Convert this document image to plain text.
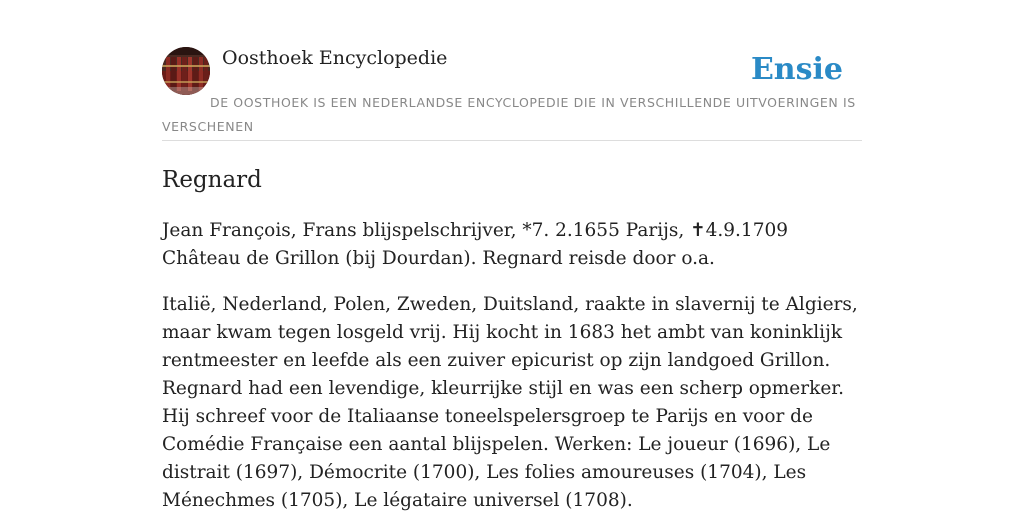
Oosthoek Encyclopedie	Ensie
DE OOSTHOEK IS EEN NEDERLANDSE ENCYCLOPEDIE DIE IN VERSCHILLENDE UITVOERINGEN IS VERSCHENEN
Regnard

Jean François, Frans blijspelschrijver, *7. 2.1655 Parijs, ✝4.9.1709 Château de Grillon (bij Dourdan). Regnard reisde door o.a.

Italië, Nederland, Polen, Zweden, Duitsland, raakte in slavernij te Algiers, maar kwam tegen losgeld vrij. Hij kocht in 1683 het ambt van koninklijk rentmeester en leefde als een zuiver epicurist op zijn landgoed Grillon. Regnard had een levendige, kleurrijke stijl en was een scherp opmerker. Hij schreef voor de Italiaanse toneelspelersgroep te Parijs en voor de Comédie Française een aantal blijspelen. Werken: Le joueur (1696), Le distrait (1697), Démocrite (1700), Les folies amoureuses (1704), Les Ménechmes (1705), Le légataire universel (1708).
